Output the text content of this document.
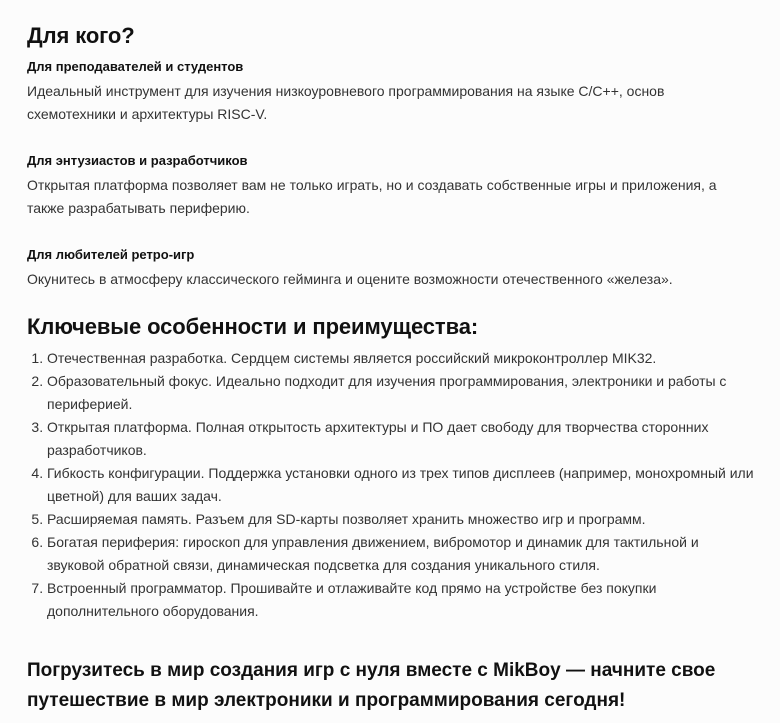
Для кого?
Для преподавателей и студентов
Идеальный инструмент для изучения низкоуровневого программирования на языке C/C++, основ схемотехники и архитектуры RISC-V.
Для энтузиастов и разработчиков
Открытая платформа позволяет вам не только играть, но и создавать собственные игры и приложения, а также разрабатывать периферию.
Для любителей ретро-игр
Окунитесь в атмосферу классического гейминга и оцените возможности отечественного «железа».
Ключевые особенности и преимущества:
1. Отечественная разработка. Сердцем системы является российский микроконтроллер MIK32.
2. Образовательный фокус. Идеально подходит для изучения программирования, электроники и работы с периферией.
3. Открытая платформа. Полная открытость архитектуры и ПО дает свободу для творчества сторонних разработчиков.
4. Гибкость конфигурации. Поддержка установки одного из трех типов дисплеев (например, монохромный или цветной) для ваших задач.
5. Расширяемая память. Разъем для SD-карты позволяет хранить множество игр и программ.
6. Богатая периферия: гироскоп для управления движением, вибромотор и динамик для тактильной и звуковой обратной связи, динамическая подсветка для создания уникального стиля.
7. Встроенный программатор. Прошивайте и отлаживайте код прямо на устройстве без покупки дополнительного оборудования.
Погрузитесь в мир создания игр с нуля вместе с MikBoy — начните свое путешествие в мир электроники и программирования сегодня!
